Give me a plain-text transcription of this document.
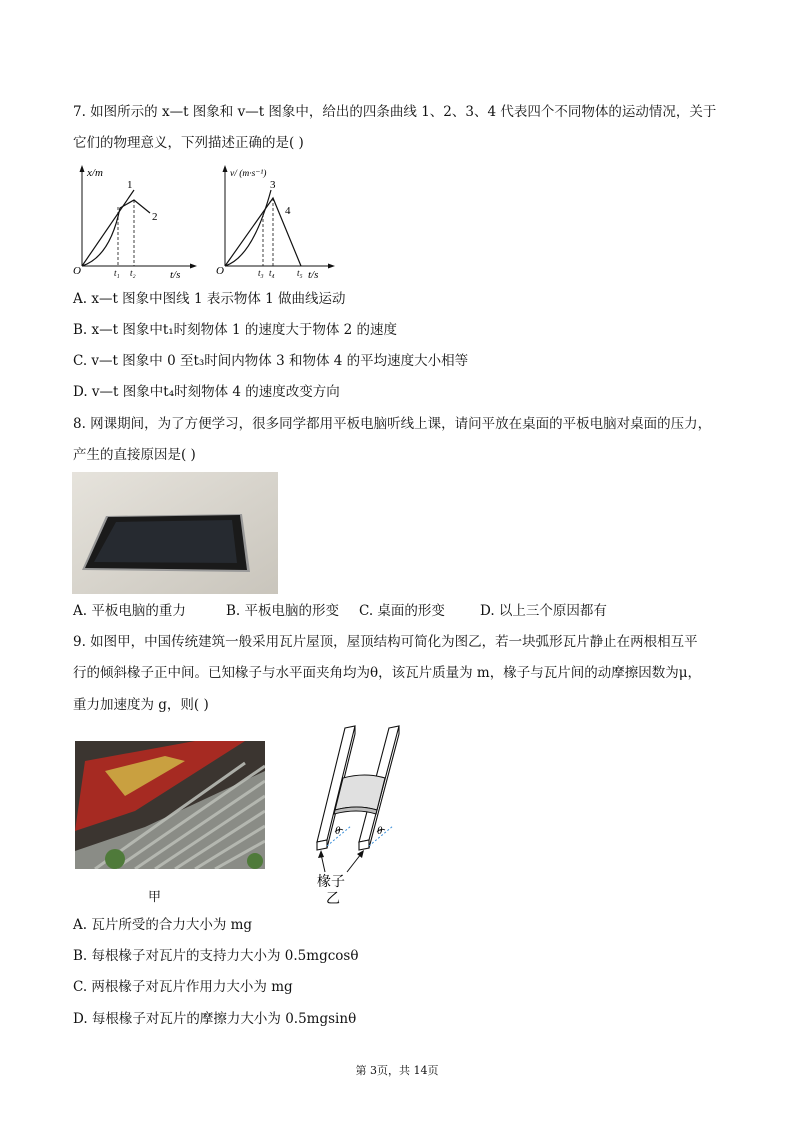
7. 如图所示的 x—t 图象和 v—t 图象中，给出的四条曲线 1、2、3、4 代表四个不同物体的运动情况，关于
它们的物理意义，下列描述正确的是( )
x/m
t/s
O	t₁ t₂
1
2
v/ (m·s⁻¹)
t/s
O	t₃ t₄ t₅
3
4
A. x—t 图象中图线 1 表示物体 1 做曲线运动
B. x—t 图象中t₁时刻物体 1 的速度大于物体 2 的速度
C. v—t 图象中 0 至t₃时间内物体 3 和物体 4 的平均速度大小相等
D. v—t 图象中t₄时刻物体 4 的速度改变方向
8. 网课期间，为了方便学习，很多同学都用平板电脑听线上课，请问平放在桌面的平板电脑对桌面的压力，
产生的直接原因是( )
A. 平板电脑的重力	B. 平板电脑的形变 C. 桌面的形变	D. 以上三个原因都有
9. 如图甲，中国传统建筑一般采用瓦片屋顶，屋顶结构可简化为图乙，若一块弧形瓦片静止在两根相互平
行的倾斜椽子正中间。已知椽子与水平面夹角均为θ，该瓦片质量为 m，椽子与瓦片间的动摩擦因数为μ，
重力加速度为 g，则( )
甲
θ	θ
椽子
乙
A. 瓦片所受的合力大小为 mg
B. 每根椽子对瓦片的支持力大小为 0.5mgcosθ
C. 两根椽子对瓦片作用力大小为 mg
D. 每根椽子对瓦片的摩擦力大小为 0.5mgsinθ
第 3页，共 14页
